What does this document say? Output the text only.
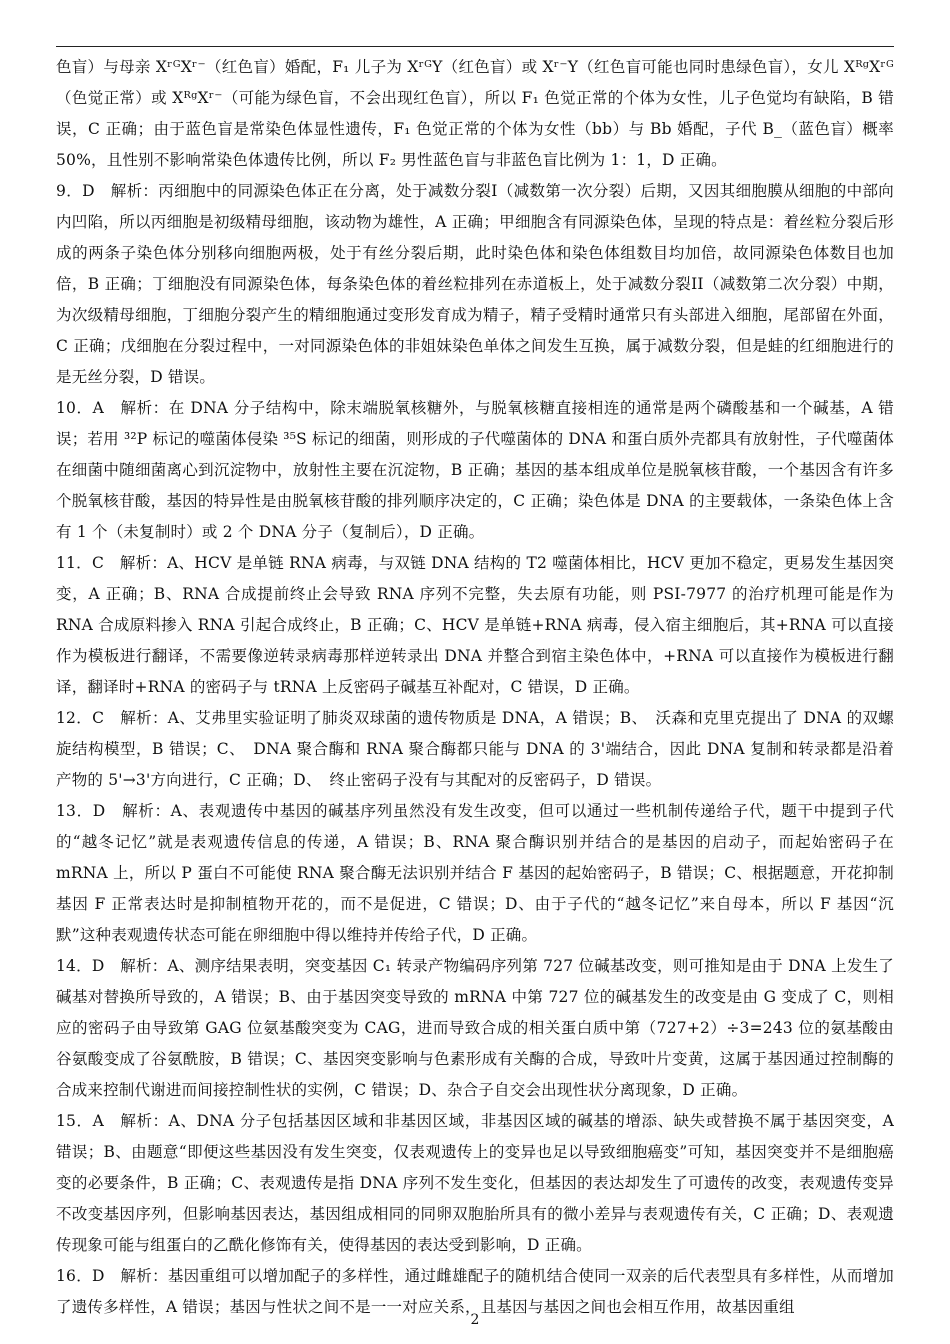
色盲）与母亲 XʳᴳXʳ⁻（红色盲）婚配，F₁ 儿子为 XʳᴳY（红色盲）或 Xʳ⁻Y（红色盲可能也同时患绿色盲），女儿 XᴿᵍXʳᴳ（色觉正常）或 XᴿᵍXʳ⁻（可能为绿色盲，不会出现红色盲），所以 F₁ 色觉正常的个体为女性，儿子色觉均有缺陷，B 错误，C 正确；由于蓝色盲是常染色体显性遗传，F₁ 色觉正常的个体为女性（bb）与 Bb 婚配，子代 B_（蓝色盲）概率 50%，且性别不影响常染色体遗传比例，所以 F₂ 男性蓝色盲与非蓝色盲比例为 1：1，D 正确。

9．D　解析：丙细胞中的同源染色体正在分离，处于减数分裂I（减数第一次分裂）后期，又因其细胞膜从细胞的中部向内凹陷，所以丙细胞是初级精母细胞，该动物为雄性，A 正确；甲细胞含有同源染色体，呈现的特点是：着丝粒分裂后形成的两条子染色体分别移向细胞两极，处于有丝分裂后期，此时染色体和染色体组数目均加倍，故同源染色体数目也加倍，B 正确；丁细胞没有同源染色体，每条染色体的着丝粒排列在赤道板上，处于减数分裂II（减数第二次分裂）中期，为次级精母细胞，丁细胞分裂产生的精细胞通过变形发育成为精子，精子受精时通常只有头部进入细胞，尾部留在外面，C 正确；戊细胞在分裂过程中，一对同源染色体的非姐妹染色单体之间发生互换，属于减数分裂，但是蛙的红细胞进行的是无丝分裂，D 错误。

10．A　解析：在 DNA 分子结构中，除末端脱氧核糖外，与脱氧核糖直接相连的通常是两个磷酸基和一个碱基，A 错误；若用 ³²P 标记的噬菌体侵染 ³⁵S 标记的细菌，则形成的子代噬菌体的 DNA 和蛋白质外壳都具有放射性，子代噬菌体在细菌中随细菌离心到沉淀物中，放射性主要在沉淀物，B 正确；基因的基本组成单位是脱氧核苷酸，一个基因含有许多个脱氧核苷酸，基因的特异性是由脱氧核苷酸的排列顺序决定的，C 正确；染色体是 DNA 的主要载体，一条染色体上含有 1 个（未复制时）或 2 个 DNA 分子（复制后），D 正确。

11．C　解析：A、HCV 是单链 RNA 病毒，与双链 DNA 结构的 T2 噬菌体相比，HCV 更加不稳定，更易发生基因突变，A 正确；B、RNA 合成提前终止会导致 RNA 序列不完整，失去原有功能，则 PSI-7977 的治疗机理可能是作为 RNA 合成原料掺入 RNA 引起合成终止，B 正确；C、HCV 是单链+RNA 病毒，侵入宿主细胞后，其+RNA 可以直接作为模板进行翻译，不需要像逆转录病毒那样逆转录出 DNA 并整合到宿主染色体中，+RNA 可以直接作为模板进行翻译，翻译时+RNA 的密码子与 tRNA 上反密码子碱基互补配对，C 错误，D 正确。

12．C　解析：A、艾弗里实验证明了肺炎双球菌的遗传物质是 DNA，A 错误；B、　沃森和克里克提出了 DNA 的双螺旋结构模型，B 错误；C、　DNA 聚合酶和 RNA 聚合酶都只能与 DNA 的 3'端结合，因此 DNA 复制和转录都是沿着产物的 5'→3'方向进行，C 正确；D、　终止密码子没有与其配对的反密码子，D 错误。

13．D　解析：A、表观遗传中基因的碱基序列虽然没有发生改变，但可以通过一些机制传递给子代，题干中提到子代的“越冬记忆”就是表观遗传信息的传递，A 错误；B、RNA 聚合酶识别并结合的是基因的启动子，而起始密码子在 mRNA 上，所以 P 蛋白不可能使 RNA 聚合酶无法识别并结合 F 基因的起始密码子，B 错误；C、根据题意，开花抑制基因 F 正常表达时是抑制植物开花的，而不是促进，C 错误；D、由于子代的“越冬记忆”来自母本，所以 F 基因“沉默”这种表观遗传状态可能在卵细胞中得以维持并传给子代，D 正确。

14．D　解析：A、测序结果表明，突变基因 C₁ 转录产物编码序列第 727 位碱基改变，则可推知是由于 DNA 上发生了碱基对替换所导致的，A 错误；B、由于基因突变导致的 mRNA 中第 727 位的碱基发生的改变是由 G 变成了 C，则相应的密码子由导致第 GAG 位氨基酸突变为 CAG，进而导致合成的相关蛋白质中第（727+2）÷3=243 位的氨基酸由谷氨酸变成了谷氨酰胺，B 错误；C、基因突变影响与色素形成有关酶的合成，导致叶片变黄，这属于基因通过控制酶的合成来控制代谢进而间接控制性状的实例，C 错误；D、杂合子自交会出现性状分离现象，D 正确。

15．A　解析：A、DNA 分子包括基因区域和非基因区域，非基因区域的碱基的增添、缺失或替换不属于基因突变，A 错误；B、由题意“即便这些基因没有发生突变，仅表观遗传上的变异也足以导致细胞癌变”可知，基因突变并不是细胞癌变的必要条件，B 正确；C、表观遗传是指 DNA 序列不发生变化，但基因的表达却发生了可遗传的改变，表观遗传变异不改变基因序列，但影响基因表达，基因组成相同的同卵双胞胎所具有的微小差异与表观遗传有关，C 正确；D、表观遗传现象可能与组蛋白的乙酰化修饰有关，使得基因的表达受到影响，D 正确。

16．D　解析：基因重组可以增加配子的多样性，通过雌雄配子的随机结合使同一双亲的后代表型具有多样性，从而增加了遗传多样性，A 错误；基因与性状之间不是一一对应关系，且基因与基因之间也会相互作用，故基因重组

2
